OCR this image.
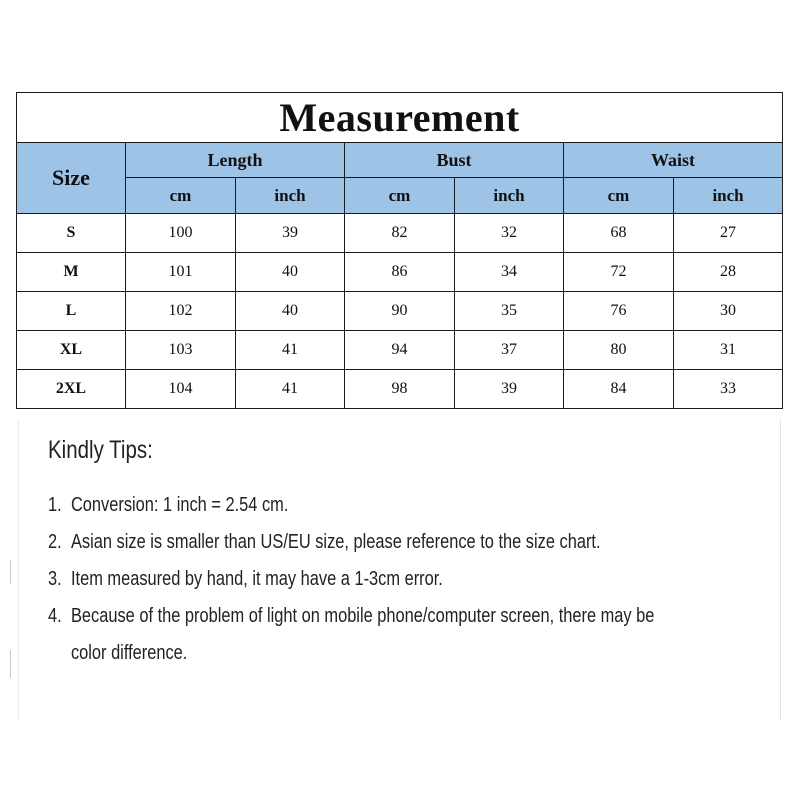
Measurement						
Size	Length		Bust		Waist	
	cm	inch	cm	inch	cm	inch
S	100	39	82	32	68	27
M	101	40	86	34	72	28
L	102	40	90	35	76	30
XL	103	41	94	37	80	31
2XL	104	41	98	39	84	33
Kindly Tips:
1. Conversion: 1 inch = 2.54 cm.
2. Asian size is smaller than US/EU size, please reference to the size chart.
3. Item measured by hand, it may have a 1-3cm error.
4. Because of the problem of light on mobile phone/computer screen, there may be
color difference.
